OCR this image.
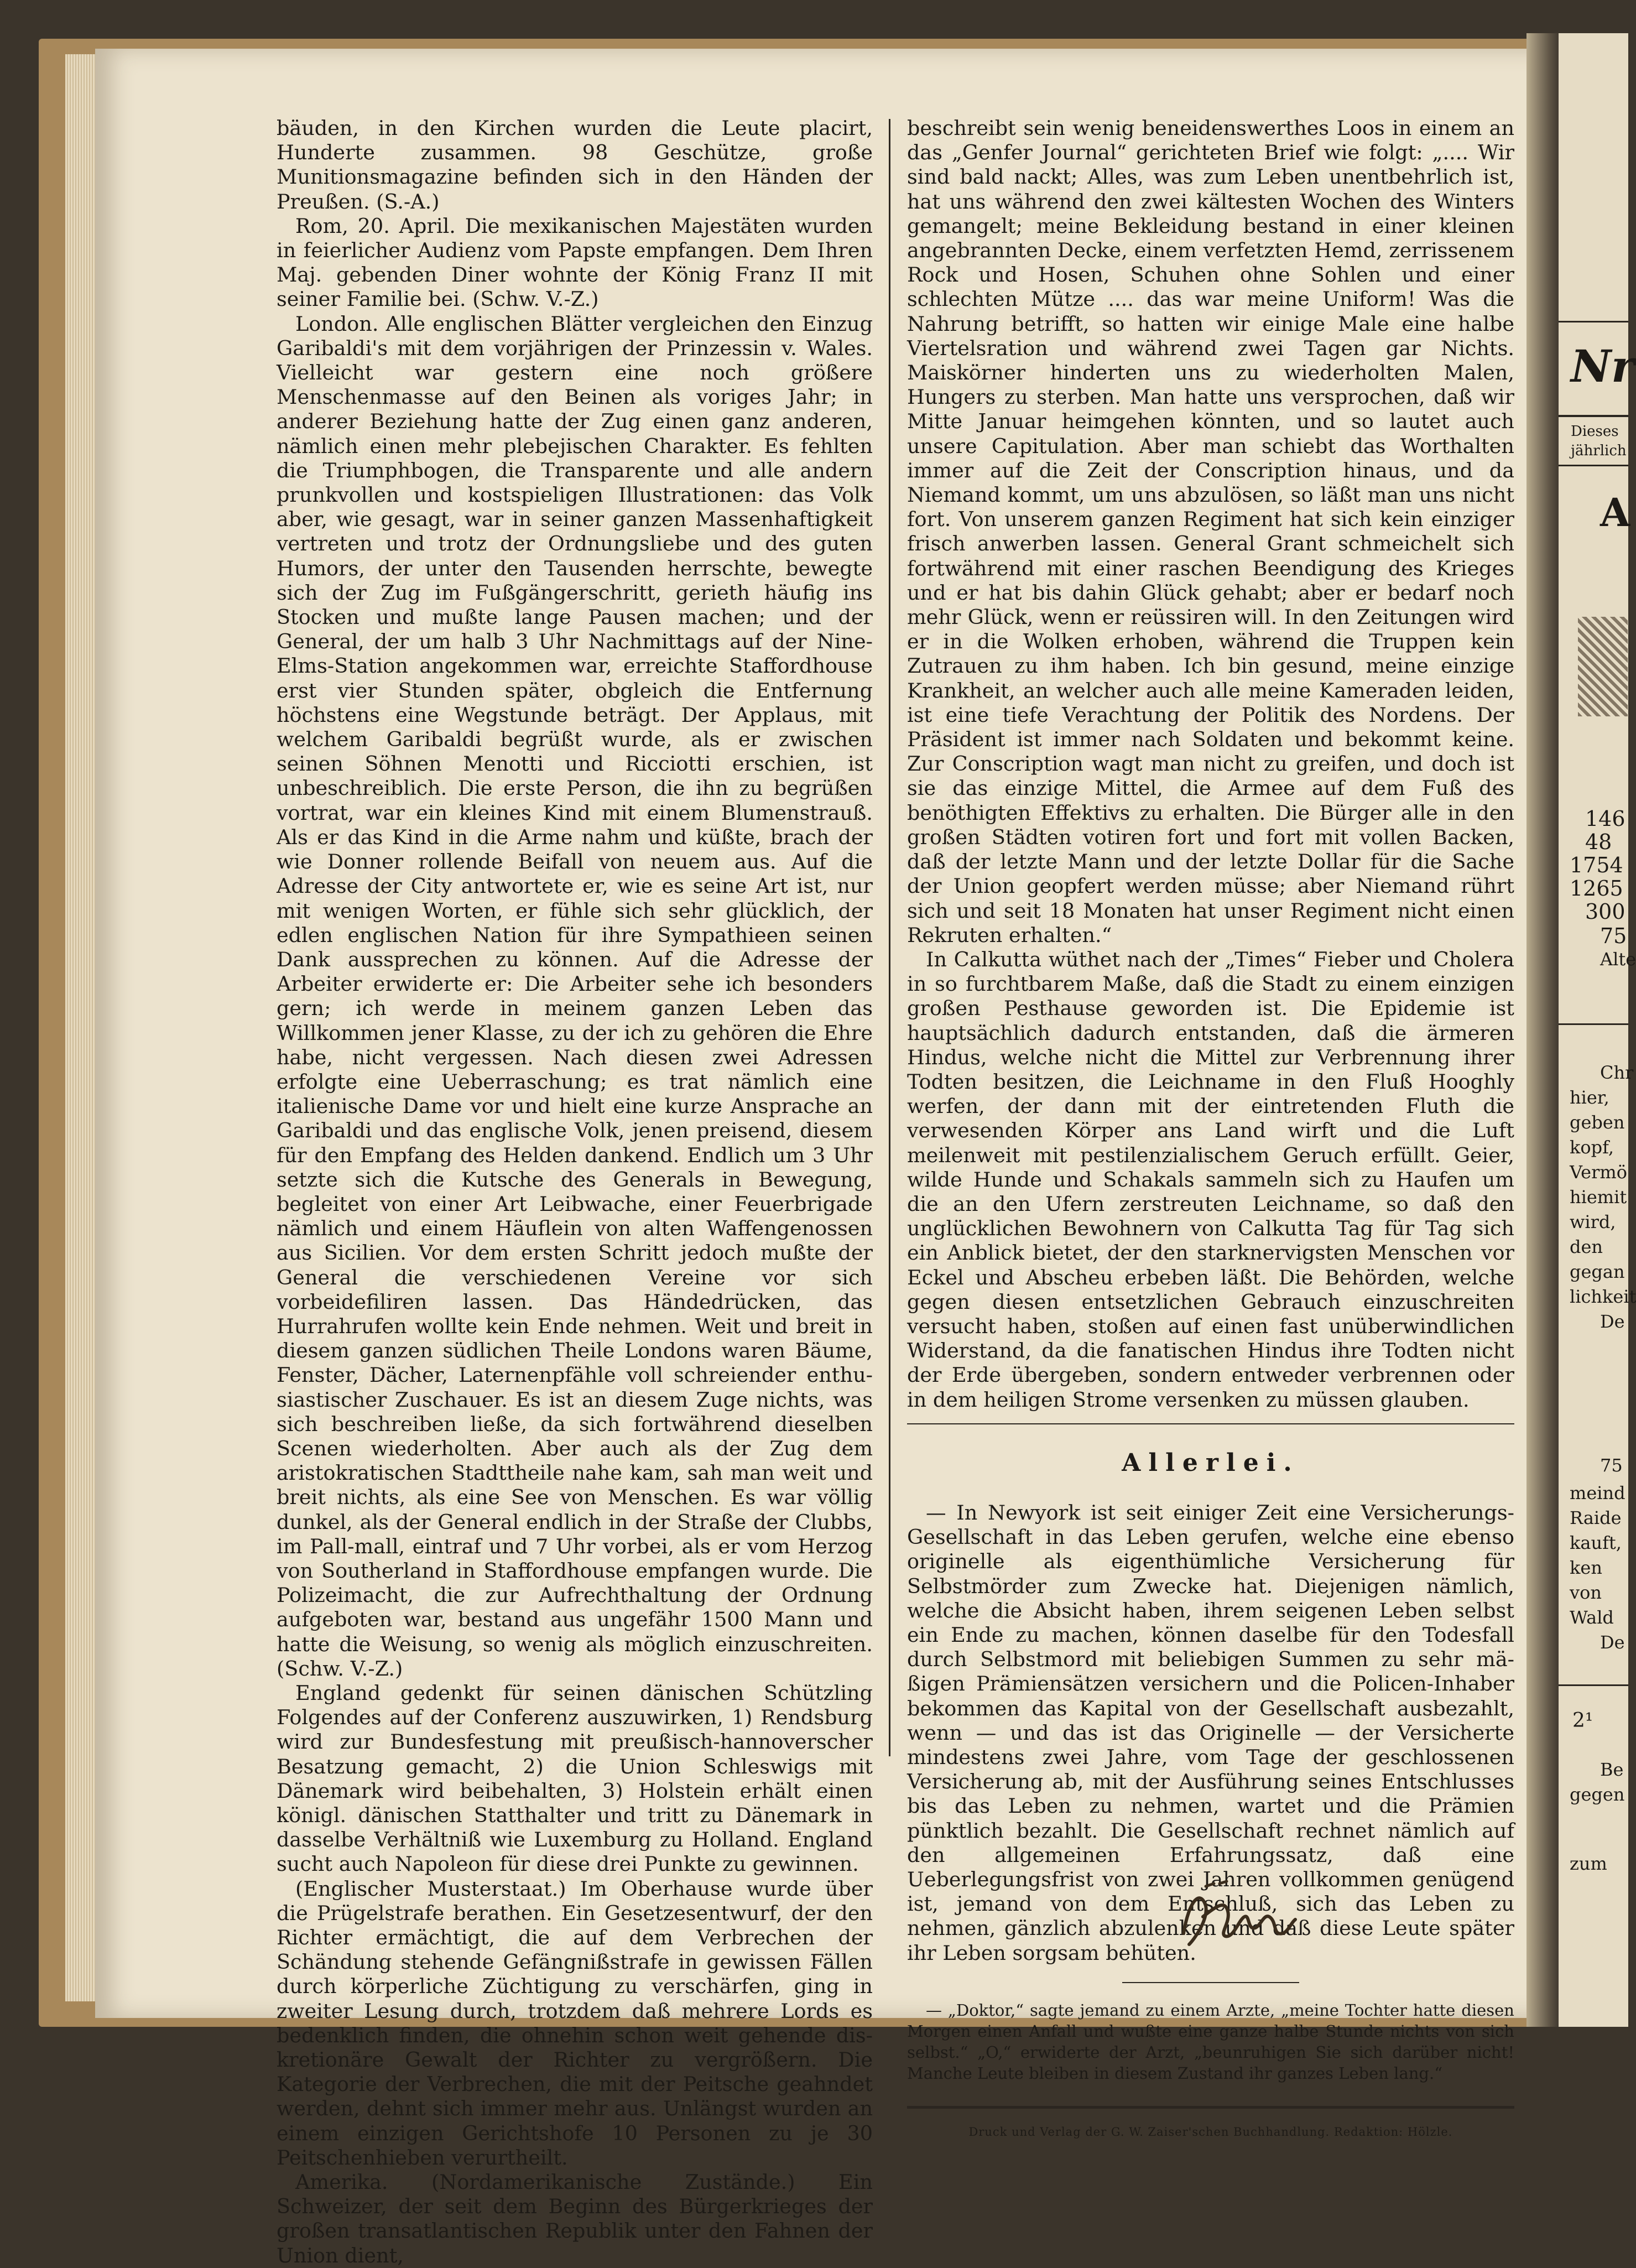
bäuden, in den Kirchen wurden die Leute placirt, Hunderte zusammen. 98 Geschütze, große Munitionsmagazine befinden sich in den Händen der Preußen. (S.-A.)

Rom, 20. April. Die mexikanischen Majestäten wurden in feierlicher Audienz vom Papste empfangen. Dem Ihren Maj. gebenden Diner wohnte der König Franz II mit seiner Familie bei. (Schw. V.-Z.)

London. Alle englischen Blätter vergleichen den Einzug Garibaldi's mit dem vorjährigen der Prinzessin v. Wales. Vielleicht war gestern eine noch größere Menschenmasse auf den Beinen als voriges Jahr; in anderer Beziehung hatte der Zug einen ganz anderen, nämlich einen mehr plebejischen Charakter. Es fehlten die Triumphbogen, die Transparente und alle andern prunkvollen und kostspieligen Illustrationen: das Volk aber, wie gesagt, war in seiner ganzen Massenhaftigkeit vertreten und trotz der Ordnungsliebe und des guten Humors, der unter den Tausenden herrschte, bewegte sich der Zug im Fußgängerschritt, gerieth häufig ins Stocken und mußte lange Pausen machen; und der General, der um halb 3 Uhr Nachmittags auf der Nine-Elms-Station angekommen war, erreichte Staffordhouse erst vier Stunden später, obgleich die Entfernung höchstens eine Wegstunde beträgt. Der Applaus, mit welchem Garibaldi begrüßt wurde, als er zwischen seinen Söhnen Menotti und Ricciotti erschien, ist unbeschreiblich. Die erste Person, die ihn zu begrüßen vortrat, war ein kleines Kind mit einem Blumenstrauß. Als er das Kind in die Arme nahm und küßte, brach der wie Donner rollende Beifall von neuem aus. Auf die Adresse der City antwortete er, wie es seine Art ist, nur mit wenigen Worten, er fühle sich sehr glücklich, der edlen englischen Nation für ihre Sympathieen seinen Dank aussprechen zu können. Auf die Adresse der Arbeiter erwiderte er: Die Arbeiter sehe ich besonders gern; ich werde in meinem ganzen Leben das Willkommen jener Klasse, zu der ich zu gehören die Ehre habe, nicht vergessen. Nach diesen zwei Adressen erfolgte eine Ueberraschung; es trat nämlich eine italienische Dame vor und hielt eine kurze Ansprache an Garibaldi und das englische Volk, jenen preisend, diesem für den Empfang des Helden dankend. Endlich um 3 Uhr setzte sich die Kutsche des Generals in Bewegung, begleitet von einer Art Leibwache, einer Feuerbrigade nämlich und einem Häuflein von alten Waffengenossen aus Sicilien. Vor dem ersten Schritt jedoch mußte der General die verschiedenen Vereine vor sich vorbeidefiliren lassen. Das Händedrücken, das Hurrahrufen wollte kein Ende nehmen. Weit und breit in diesem ganzen südlichen Theile Londons waren Bäume, Fenster, Dächer, Laternenpfähle voll schreiender enthusiastischer Zuschauer. Es ist an diesem Zuge nichts, was sich beschreiben ließe, da sich fortwährend dieselben Scenen wiederholten. Aber auch als der Zug dem aristokratischen Stadttheile nahe kam, sah man weit und breit nichts, als eine See von Menschen. Es war völlig dunkel, als der General endlich in der Straße der Clubbs, im Pall-mall, eintraf und 7 Uhr vorbei, als er vom Herzog von Southerland in Staffordhouse empfangen wurde. Die Polizeimacht, die zur Aufrechthaltung der Ordnung aufgeboten war, bestand aus ungefähr 1500 Mann und hatte die Weisung, so wenig als möglich einzuschreiten. (Schw. V.-Z.)

England gedenkt für seinen dänischen Schützling Folgendes auf der Conferenz auszuwirken, 1) Rendsburg wird zur Bundesfestung mit preußisch-hannoverscher Besatzung gemacht, 2) die Union Schleswigs mit Dänemark wird beibehalten, 3) Holstein erhält einen königl. dänischen Statthalter und tritt zu Dänemark in dasselbe Verhältniß wie Luxemburg zu Holland. England sucht auch Napoleon für diese drei Punkte zu gewinnen.

(Englischer Musterstaat.) Im Oberhause wurde über die Prügelstrafe berathen. Ein Gesetzesentwurf, der den Richter ermächtigt, die auf dem Verbrechen der Schändung stehende Gefängnißstrafe in gewissen Fällen durch körperliche Züchtigung zu verschärfen, ging in zweiter Lesung durch, trotzdem daß mehrere Lords es bedenklich finden, die ohnehin schon weit gehende diskretionäre Gewalt der Richter zu vergrößern. Die Kategorie der Verbrechen, die mit der Peitsche geahndet werden, dehnt sich immer mehr aus. Unlängst wurden an einem einzigen Gerichtshofe 10 Personen zu je 30 Peitschenhieben verurtheilt.

Amerika. (Nordamerikanische Zustände.) Ein Schweizer, der seit dem Beginn des Bürgerkrieges der großen transatlantischen Republik unter den Fahnen der Union dient,

beschreibt sein wenig beneidenswerthes Loos in einem an das „Genfer Journal“ gerichteten Brief wie folgt: „.... Wir sind bald nackt; Alles, was zum Leben unentbehrlich ist, hat uns während den zwei kältesten Wochen des Winters gemangelt; meine Bekleidung bestand in einer kleinen angebrannten Decke, einem verfetzten Hemd, zerrissenem Rock und Hosen, Schuhen ohne Sohlen und einer schlechten Mütze .... das war meine Uniform! Was die Nahrung betrifft, so hatten wir einige Male eine halbe Viertelsration und während zwei Tagen gar Nichts. Maiskörner hinderten uns zu wiederholten Malen, Hungers zu sterben. Man hatte uns versprochen, daß wir Mitte Januar heimgehen könnten, und so lautet auch unsere Capitulation. Aber man schiebt das Worthalten immer auf die Zeit der Conscription hinaus, und da Niemand kommt, um uns abzulösen, so läßt man uns nicht fort. Von unserem ganzen Regiment hat sich kein einziger frisch anwerben lassen. General Grant schmeichelt sich fortwährend mit einer raschen Beendigung des Krieges und er hat bis dahin Glück gehabt; aber er bedarf noch mehr Glück, wenn er reüssiren will. In den Zeitungen wird er in die Wolken erhoben, während die Truppen kein Zutrauen zu ihm haben. Ich bin gesund, meine einzige Krankheit, an welcher auch alle meine Kameraden leiden, ist eine tiefe Verachtung der Politik des Nordens. Der Präsident ist immer nach Soldaten und bekommt keine. Zur Conscription wagt man nicht zu greifen, und doch ist sie das einzige Mittel, die Armee auf dem Fuß des benöthigten Effektivs zu erhalten. Die Bürger alle in den großen Städten votiren fort und fort mit vollen Backen, daß der letzte Mann und der letzte Dollar für die Sache der Union geopfert werden müsse; aber Niemand rührt sich und seit 18 Monaten hat unser Regiment nicht einen Rekruten erhalten.“

In Calkutta wüthet nach der „Times“ Fieber und Cholera in so furchtbarem Maße, daß die Stadt zu einem einzigen großen Pesthause geworden ist. Die Epidemie ist hauptsächlich dadurch entstanden, daß die ärmeren Hindus, welche nicht die Mittel zur Verbrennung ihrer Todten besitzen, die Leichname in den Fluß Hooghly werfen, der dann mit der eintretenden Fluth die verwesenden Körper ans Land wirft und die Luft meilenweit mit pestilenzialischem Geruch erfüllt. Geier, wilde Hunde und Schakals sammeln sich zu Haufen um die an den Ufern zerstreuten Leichname, so daß den unglücklichen Bewohnern von Calkutta Tag für Tag sich ein Anblick bietet, der den starknervigsten Menschen vor Eckel und Abscheu erbeben läßt. Die Behörden, welche gegen diesen entsetzlichen Gebrauch einzuschreiten versucht haben, stoßen auf einen fast unüberwindlichen Widerstand, da die fanatischen Hindus ihre Todten nicht der Erde übergeben, sondern entweder verbrennen oder in dem heiligen Strome versenken zu müssen glauben.

Allerlei.

— In Newyork ist seit einiger Zeit eine Versicherungs-Gesellschaft in das Leben gerufen, welche eine ebenso originelle als eigenthümliche Versicherung für Selbstmörder zum Zwecke hat. Diejenigen nämlich, welche die Absicht haben, ihrem seigenen Leben selbst ein Ende zu machen, können daselbe für den Todesfall durch Selbstmord mit beliebigen Summen zu sehr mäßigen Prämiensätzen versichern und die Policen-Inhaber bekommen das Kapital von der Gesellschaft ausbezahlt, wenn — und das ist das Originelle — der Versicherte mindestens zwei Jahre, vom Tage der geschlossenen Versicherung ab, mit der Ausführung seines Entschlusses bis das Leben zu nehmen, wartet und die Prämien pünktlich bezahlt. Die Gesellschaft rechnet nämlich auf den allgemeinen Erfahrungssatz, daß eine Ueberlegungsfrist von zwei Jahren vollkommen genügend ist, jemand von dem Entschluß, sich das Leben zu nehmen, gänzlich abzulenken und daß diese Leute später ihr Leben sorgsam behüten.

— „Doktor,“ sagte jemand zu einem Arzte, „meine Tochter hatte diesen Morgen einen Anfall und wußte eine ganze halbe Stunde nichts von sich selbst.“ „O,“ erwiderte der Arzt, „beunruhigen Sie sich darüber nicht! Manche Leute bleiben in diesem Zustand ihr ganzes Leben lang.“

Druck und Verlag der G. W. Zaiser'schen Buchhandlung. Redaktion: Hölzle.

Nr
Dieses
jährlich
A
146
48
1754
1265
300
75
Alte
Chr
hier,
geben
kopf,
Vermö
hiemit
wird,
den
gegan
lichkeit
De
75
meind
Raide
kauft,
ken
von
Wald
De
2¹
Be
gegen
zum
